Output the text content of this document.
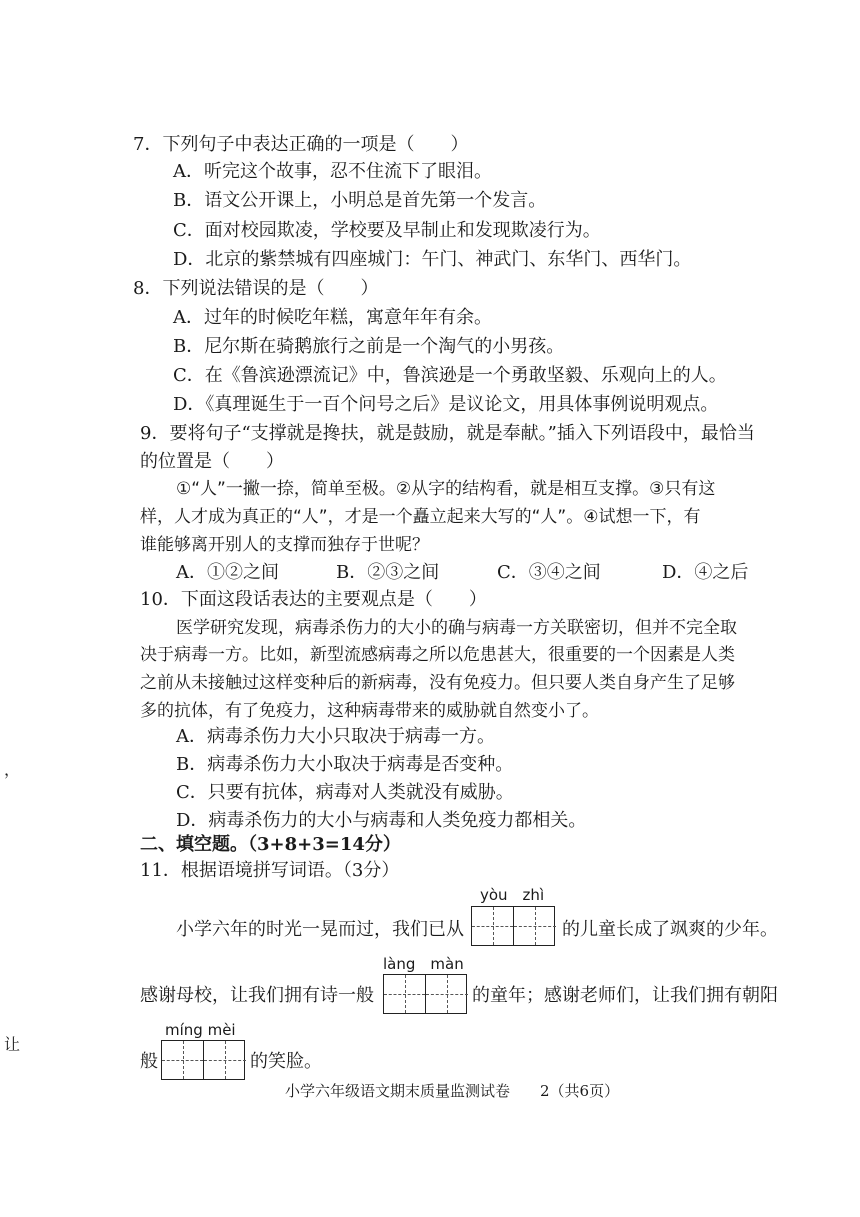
7．下列句子中表达正确的一项是（　　）
A．听完这个故事，忍不住流下了眼泪。
B．语文公开课上，小明总是首先第一个发言。
C．面对校园欺凌，学校要及早制止和发现欺凌行为。
D．北京的紫禁城有四座城门：午门、神武门、东华门、西华门。
8．下列说法错误的是（　　）
A．过年的时候吃年糕，寓意年年有余。
B．尼尔斯在骑鹅旅行之前是一个淘气的小男孩。
C．在《鲁滨逊漂流记》中，鲁滨逊是一个勇敢坚毅、乐观向上的人。
D．《真理诞生于一百个问号之后》是议论文，用具体事例说明观点。
9．要将句子“支撑就是搀扶，就是鼓励，就是奉献。”插入下列语段中，最恰当
的位置是（　　）
①“人”一撇一捺，简单至极。②从字的结构看，就是相互支撑。③只有这
样，人才成为真正的“人”，才是一个矗立起来大写的“人”。④试想一下，有
谁能够离开别人的支撑而独存于世呢？
A．①②之间	B．②③之间	C．③④之间	D．④之后
10．下面这段话表达的主要观点是（　　）
医学研究发现，病毒杀伤力的大小的确与病毒一方关联密切，但并不完全取
决于病毒一方。比如，新型流感病毒之所以危患甚大，很重要的一个因素是人类
之前从未接触过这样变种后的新病毒，没有免疫力。但只要人类自身产生了足够
多的抗体，有了免疫力，这种病毒带来的威胁就自然变小了。
A．病毒杀伤力大小只取决于病毒一方。
B．病毒杀伤力大小取决于病毒是否变种。
C．只要有抗体，病毒对人类就没有威胁。
D．病毒杀伤力的大小与病毒和人类免疫力都相关。
二、填空题。（3+8+3=14分）
11．根据语境拼写词语。（3分）
yòu　zhì
小学六年的时光一晃而过，我们已从	的儿童长成了飒爽的少年。
làng　màn
感谢母校，让我们拥有诗一般	的童年；感谢老师们，让我们拥有朝阳
míng mèi
般	的笑脸。
，
让
小学六年级语文期末质量监测试卷 2（共6页）
